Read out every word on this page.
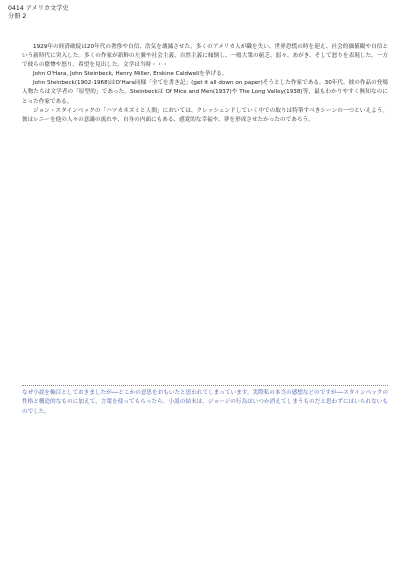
0414 アメリカ文学史
分冊 2

1929年の経済破綻は20年代の奢侈や自信、浩気を壊滅させた。多くのアメリカ人が職を失い、世界恐慌の時を迎え、社会的価値観や自信という新時代に突入した。多くの作家が新鮮の左翼や社会主義、自然主義に傾倒し、一般大衆の窮乏、弱々、あがき、そして怒りを表現した。一方で彼らの陰惨や怒り、希望を見出した。文学は当時・・・

John O'Hara, John Steinbeck, Henry Miller, Erskine Caldwellを挙げる。

John Steinbeck(1902-1968)はO'Hara同様「全てを書き記」(get it all down on paper)そうとした作家である。30年代、彼の作品の登場人物たちは文学者の「原型的」であった。Steinbeckは Of Mice and Men(1937)や The Long Valley(1938)等、最もわかりやすく無知なのにとった作家である。

ジョン・スタインベックの「ハツカネズミと人間」においては、クレッシェンドしていく中での取りは特筆すべきシーンの一つといえよう。彼はレニーを他の人々の意識の流れや、自身の内面にもある、感覚的な幸福や、夢を形成させたかったのであろう。

なぜ小説を軸目としておきましたが──とこかの意思をおもいたと思われてしまっています。実際私の本当の感想などのですが──スタインベックの性格と構造的なものに加えて、言葉を使ってもらったら、小説の結末は、ジョージの行為はいつか消えてしまうものだと思わずにはいられないものでした。
